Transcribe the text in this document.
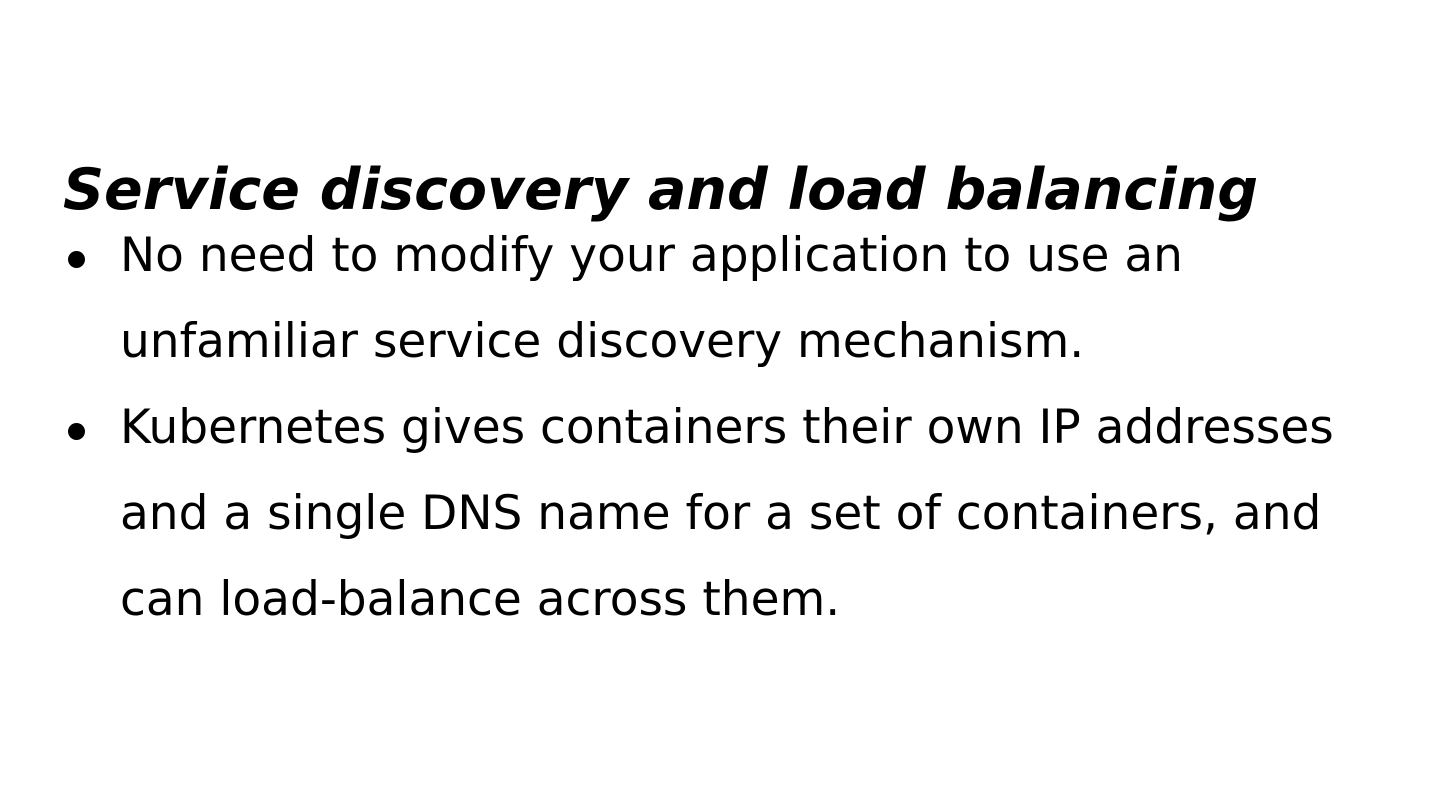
Service discovery and load balancing
No need to modify your application to use an
unfamiliar service discovery mechanism.
Kubernetes gives containers their own IP addresses
and a single DNS name for a set of containers, and
can load-balance across them.
